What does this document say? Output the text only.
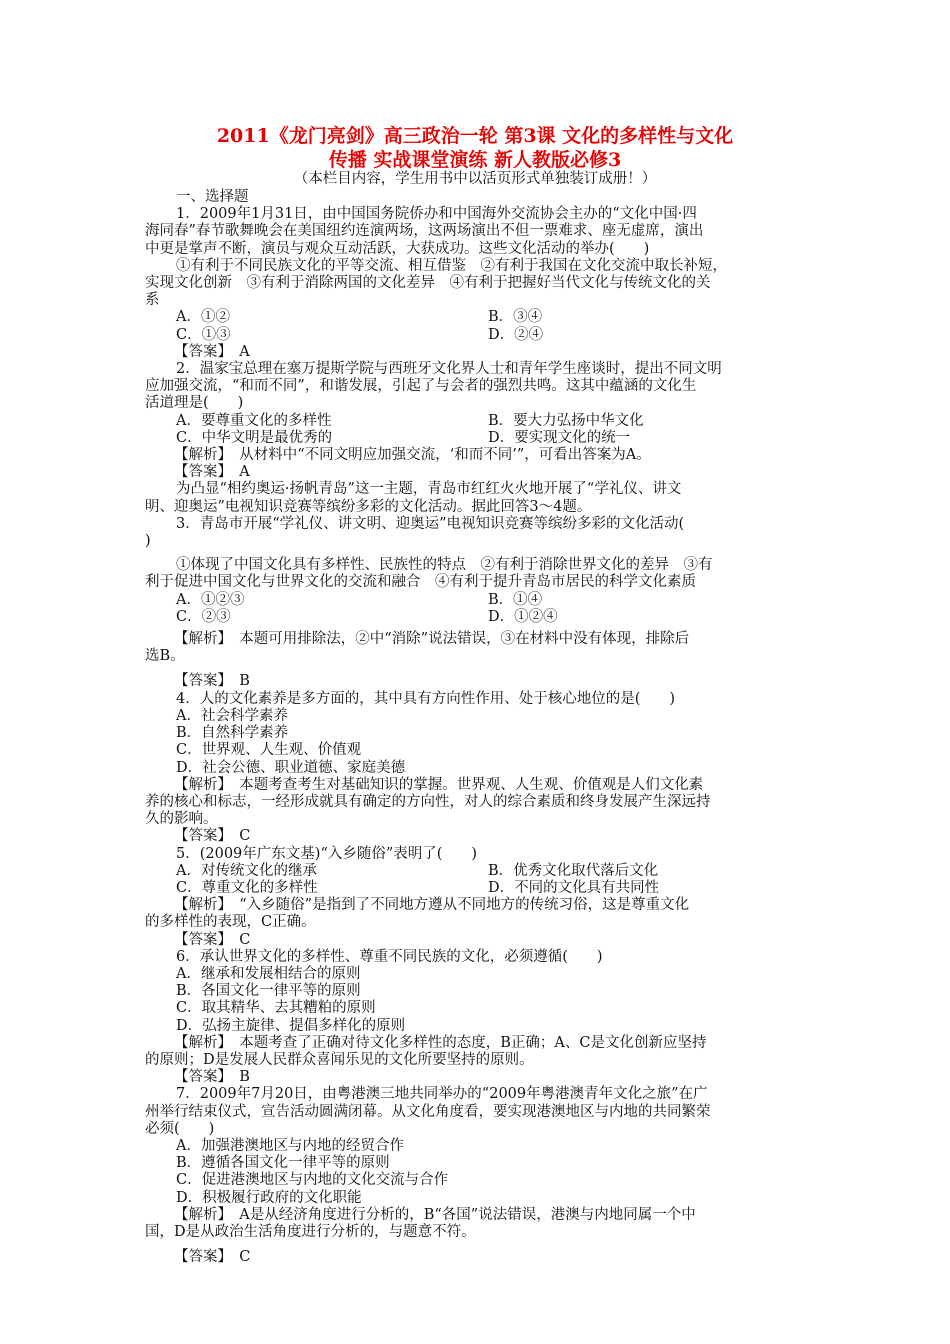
2011《龙门亮剑》高三政治一轮 第3课 文化的多样性与文化
传播 实战课堂演练 新人教版必修3
（本栏目内容，学生用书中以活页形式单独装订成册！）

一、选择题

1．2009年1月31日，由中国国务院侨办和中国海外交流协会主办的“文化中国·四

海同春”春节歌舞晚会在美国纽约连演两场，这两场演出不但一票难求、座无虚席，演出

中更是掌声不断，演员与观众互动活跃，大获成功。这些文化活动的举办(　　)

①有利于不同民族文化的平等交流、相互借鉴　②有利于我国在文化交流中取长补短，

实现文化创新　③有利于消除两国的文化差异　④有利于把握好当代文化与传统文化的关

系

A．①②	B．③④
C．①③	D．②④

【答案】　A

2．温家宝总理在塞万提斯学院与西班牙文化界人士和青年学生座谈时，提出不同文明

应加强交流，“和而不同”，和谐发展，引起了与会者的强烈共鸣。这其中蕴涵的文化生

活道理是(　　)

A．要尊重文化的多样性	B．要大力弘扬中华文化
C．中华文明是最优秀的	D．要实现文化的统一

【解析】　从材料中“不同文明应加强交流，‘和而不同’”，可看出答案为A。

【答案】　A

为凸显“相约奥运·扬帆青岛”这一主题，青岛市红红火火地开展了“学礼仪、讲文

明、迎奥运”电视知识竞赛等缤纷多彩的文化活动。据此回答3～4题。

3．青岛市开展“学礼仪、讲文明、迎奥运”电视知识竞赛等缤纷多彩的文化活动(

)

①体现了中国文化具有多样性、民族性的特点　②有利于消除世界文化的差异　③有

利于促进中国文化与世界文化的交流和融合　④有利于提升青岛市居民的科学文化素质

A．①②③	B．①④
C．②③	D．①②④

【解析】　本题可用排除法，②中“消除”说法错误，③在材料中没有体现，排除后

选B。

【答案】　B

4．人的文化素养是多方面的，其中具有方向性作用、处于核心地位的是(　　)

A．社会科学素养

B．自然科学素养

C．世界观、人生观、价值观

D．社会公德、职业道德、家庭美德

【解析】　本题考查考生对基础知识的掌握。世界观、人生观、价值观是人们文化素

养的核心和标志，一经形成就具有确定的方向性，对人的综合素质和终身发展产生深远持

久的影响。

【答案】　C

5．(2009年广东文基)“入乡随俗”表明了(　　)

A．对传统文化的继承	B．优秀文化取代落后文化
C．尊重文化的多样性	D．不同的文化具有共同性

【解析】　“入乡随俗”是指到了不同地方遵从不同地方的传统习俗，这是尊重文化

的多样性的表现，C正确。

【答案】　C

6．承认世界文化的多样性、尊重不同民族的文化，必须遵循(　　)

A．继承和发展相结合的原则

B．各国文化一律平等的原则

C．取其精华、去其糟粕的原则

D．弘扬主旋律、提倡多样化的原则

【解析】　本题考查了正确对待文化多样性的态度，B正确；A、C是文化创新应坚持

的原则；D是发展人民群众喜闻乐见的文化所要坚持的原则。

【答案】　B

7．2009年7月20日，由粤港澳三地共同举办的“2009年粤港澳青年文化之旅”在广

州举行结束仪式，宣告活动圆满闭幕。从文化角度看，要实现港澳地区与内地的共同繁荣

必须(　　)

A．加强港澳地区与内地的经贸合作

B．遵循各国文化一律平等的原则

C．促进港澳地区与内地的文化交流与合作

D．积极履行政府的文化职能

【解析】　A是从经济角度进行分析的，B“各国”说法错误，港澳与内地同属一个中

国，D是从政治生活角度进行分析的，与题意不符。

【答案】　C
